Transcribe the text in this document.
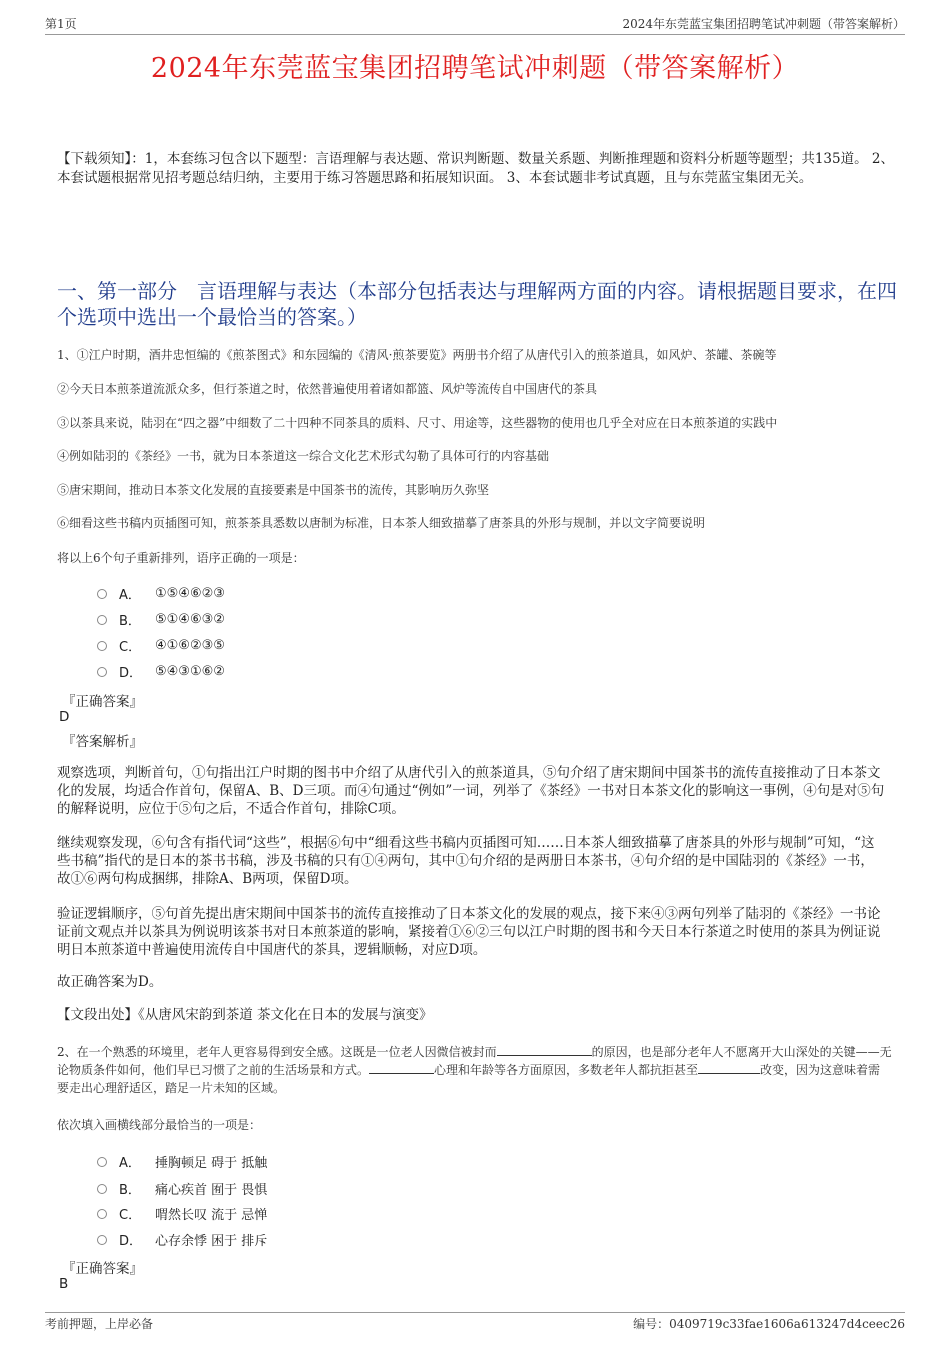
第1页	2024年东莞蓝宝集团招聘笔试冲刺题（带答案解析）
2024年东莞蓝宝集团招聘笔试冲刺题（带答案解析）
【下载须知】：1，本套练习包含以下题型：言语理解与表达题、常识判断题、数量关系题、判断推理题和资料分析题等题型；共135道。 2、本套试题根据常见招考题总结归纳，主要用于练习答题思路和拓展知识面。 3、本套试题非考试真题，且与东莞蓝宝集团无关。
一、第一部分　言语理解与表达（本部分包括表达与理解两方面的内容。请根据题目要求，在四个选项中选出一个最恰当的答案。）
1、①江户时期，酒井忠恒编的《煎茶图式》和东园编的《清风·煎茶要览》两册书介绍了从唐代引入的煎茶道具，如风炉、茶罐、茶碗等
②今天日本煎茶道流派众多，但行茶道之时，依然普遍使用着诸如都篮、风炉等流传自中国唐代的茶具
③以茶具来说，陆羽在“四之器”中细数了二十四种不同茶具的质料、尺寸、用途等，这些器物的使用也几乎全对应在日本煎茶道的实践中
④例如陆羽的《茶经》一书，就为日本茶道这一综合文化艺术形式勾勒了具体可行的内容基础
⑤唐宋期间，推动日本茶文化发展的直接要素是中国茶书的流传，其影响历久弥坚
⑥细看这些书稿内页插图可知，煎茶茶具悉数以唐制为标准，日本茶人细致描摹了唐茶具的外形与规制，并以文字简要说明
将以上6个句子重新排列，语序正确的一项是：
A．	①⑤④⑥②③
B．	⑤①④⑥③②
C．	④①⑥②③⑤
D． ⑤④③①⑥②
『正确答案』
D
『答案解析』
观察选项，判断首句，①句指出江户时期的图书中介绍了从唐代引入的煎茶道具，⑤句介绍了唐宋期间中国茶书的流传直接推动了日本茶文化的发展，均适合作首句，保留A、B、D三项。而④句通过“例如”一词，列举了《茶经》一书对日本茶文化的影响这一事例，④句是对⑤句的解释说明，应位于⑤句之后，不适合作首句，排除C项。
继续观察发现，⑥句含有指代词“这些”，根据⑥句中“细看这些书稿内页插图可知……日本茶人细致描摹了唐茶具的外形与规制”可知，“这些书稿”指代的是日本的茶书书稿，涉及书稿的只有①④两句，其中①句介绍的是两册日本茶书，④句介绍的是中国陆羽的《茶经》一书，故①⑥两句构成捆绑，排除A、B两项，保留D项。
验证逻辑顺序，⑤句首先提出唐宋期间中国茶书的流传直接推动了日本茶文化的发展的观点，接下来④③两句列举了陆羽的《茶经》一书论证前文观点并以茶具为例说明该茶书对日本煎茶道的影响，紧接着①⑥②三句以江户时期的图书和今天日本行茶道之时使用的茶具为例证说明日本煎茶道中普遍使用流传自中国唐代的茶具，逻辑顺畅，对应D项。
故正确答案为D。
【文段出处】《从唐风宋韵到茶道 茶文化在日本的发展与演变》
2、在一个熟悉的环境里，老年人更容易得到安全感。这既是一位老人因微信被封而	的原因，也是部分老年人不愿离开大山深处的关键——无论物质条件如何，他们早已习惯了之前的生活场景和方式。	心理和年龄等各方面原因，多数老年人都抗拒甚至	改变，因为这意味着需要走出心理舒适区，踏足一片未知的区域。
依次填入画横线部分最恰当的一项是：
A．	捶胸顿足 碍于 抵触
B．	痛心疾首 囿于 畏惧
C．	喟然长叹 流于 忌惮
D． 心存余悸 困于 排斥
『正确答案』
B
考前押题，上岸必备	编号：0409719c33fae1606a613247d4ceec26
